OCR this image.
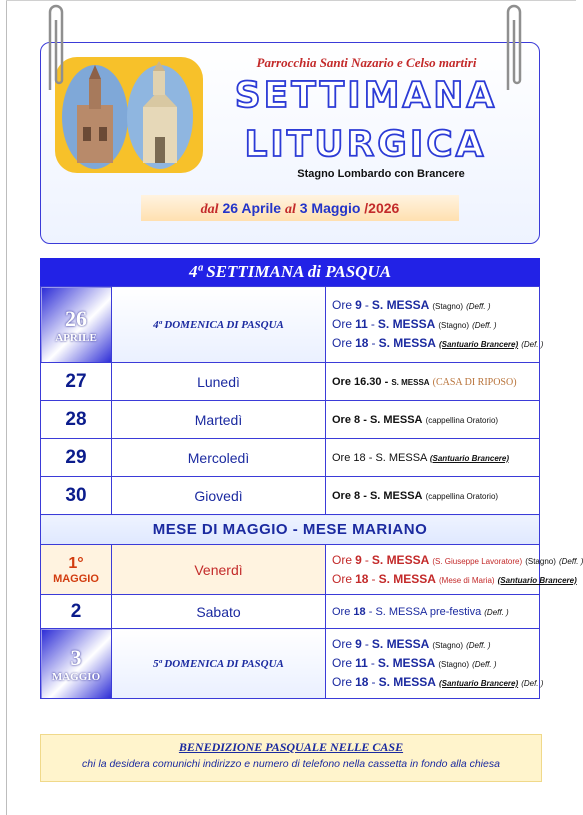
Parrocchia Santi Nazario e Celso martiri
SETTIMANA
LITURGICA
Stagno Lombardo con Brancere
dal 26 Aprile al 3 Maggio /2026
4ª SETTIMANA di PASQUA
26
APRILE	4ª DOMENICA DI PASQUA	Ore 9 - S. MESSA (Stagno) (Deff. )
Ore 11 - S. MESSA (Stagno) (Deff. )
Ore 18 - S. MESSA (Santuario Brancere) (Def. )

27	Lunedì	Ore 16.30 - S. MESSA (CASA DI RIPOSO)
28	Martedì	Ore 8 - S. MESSA (cappellina Oratorio)
29	Mercoledì	Ore 18 - S. MESSA (Santuario Brancere)
30	Giovedì	Ore 8 - S. MESSA (cappellina Oratorio)
MESE DI MAGGIO - MESE MARIANO		

1°
MAGGIO	Venerdì	Ore 9 - S. MESSA (S. Giuseppe Lavoratore) (Stagno) (Deff. )
Ore 18 - S. MESSA (Mese di Maria) (Santuario Brancere)

2	Sabato	Ore 18 - S. MESSA pre-festiva (Deff. )

3
MAGGIO	5ª DOMENICA DI PASQUA	Ore 9 - S. MESSA (Stagno) (Deff. )
Ore 11 - S. MESSA (Stagno) (Deff. )
Ore 18 - S. MESSA (Santuario Brancere) (Def. )
BENEDIZIONE PASQUALE NELLE CASE
chi la desidera comunichi indirizzo e numero di telefono nella cassetta in fondo alla chiesa
